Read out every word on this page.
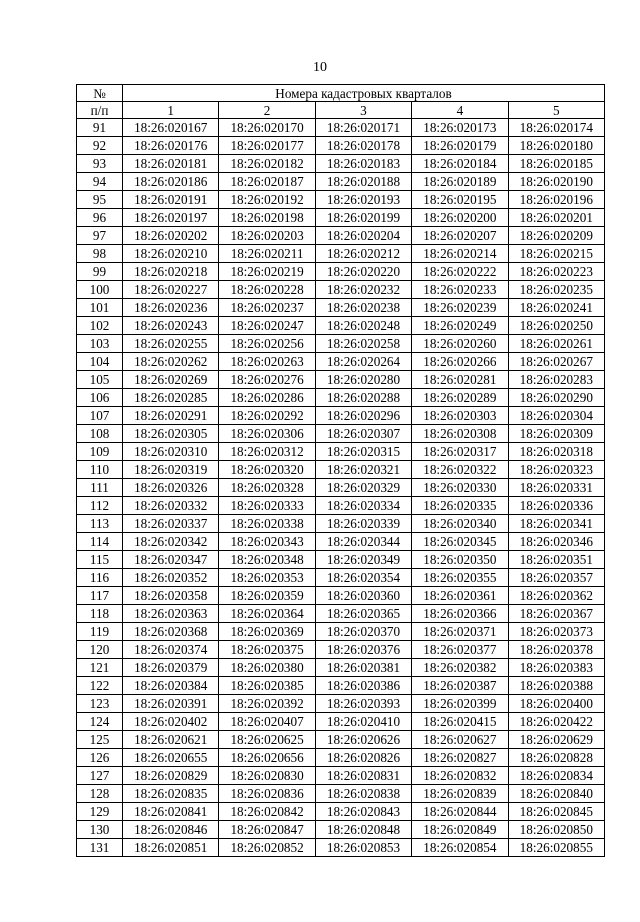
10
№	Номера кадастровых кварталов				
п/п	1	2	3	4	5
91	18:26:020167	18:26:020170	18:26:020171	18:26:020173	18:26:020174
92	18:26:020176	18:26:020177	18:26:020178	18:26:020179	18:26:020180
93	18:26:020181	18:26:020182	18:26:020183	18:26:020184	18:26:020185
94	18:26:020186	18:26:020187	18:26:020188	18:26:020189	18:26:020190
95	18:26:020191	18:26:020192	18:26:020193	18:26:020195	18:26:020196
96	18:26:020197	18:26:020198	18:26:020199	18:26:020200	18:26:020201
97	18:26:020202	18:26:020203	18:26:020204	18:26:020207	18:26:020209
98	18:26:020210	18:26:020211	18:26:020212	18:26:020214	18:26:020215
99	18:26:020218	18:26:020219	18:26:020220	18:26:020222	18:26:020223
100	18:26:020227	18:26:020228	18:26:020232	18:26:020233	18:26:020235
101	18:26:020236	18:26:020237	18:26:020238	18:26:020239	18:26:020241
102	18:26:020243	18:26:020247	18:26:020248	18:26:020249	18:26:020250
103	18:26:020255	18:26:020256	18:26:020258	18:26:020260	18:26:020261
104	18:26:020262	18:26:020263	18:26:020264	18:26:020266	18:26:020267
105	18:26:020269	18:26:020276	18:26:020280	18:26:020281	18:26:020283
106	18:26:020285	18:26:020286	18:26:020288	18:26:020289	18:26:020290
107	18:26:020291	18:26:020292	18:26:020296	18:26:020303	18:26:020304
108	18:26:020305	18:26:020306	18:26:020307	18:26:020308	18:26:020309
109	18:26:020310	18:26:020312	18:26:020315	18:26:020317	18:26:020318
110	18:26:020319	18:26:020320	18:26:020321	18:26:020322	18:26:020323
111	18:26:020326	18:26:020328	18:26:020329	18:26:020330	18:26:020331
112	18:26:020332	18:26:020333	18:26:020334	18:26:020335	18:26:020336
113	18:26:020337	18:26:020338	18:26:020339	18:26:020340	18:26:020341
114	18:26:020342	18:26:020343	18:26:020344	18:26:020345	18:26:020346
115	18:26:020347	18:26:020348	18:26:020349	18:26:020350	18:26:020351
116	18:26:020352	18:26:020353	18:26:020354	18:26:020355	18:26:020357
117	18:26:020358	18:26:020359	18:26:020360	18:26:020361	18:26:020362
118	18:26:020363	18:26:020364	18:26:020365	18:26:020366	18:26:020367
119	18:26:020368	18:26:020369	18:26:020370	18:26:020371	18:26:020373
120	18:26:020374	18:26:020375	18:26:020376	18:26:020377	18:26:020378
121	18:26:020379	18:26:020380	18:26:020381	18:26:020382	18:26:020383
122	18:26:020384	18:26:020385	18:26:020386	18:26:020387	18:26:020388
123	18:26:020391	18:26:020392	18:26:020393	18:26:020399	18:26:020400
124	18:26:020402	18:26:020407	18:26:020410	18:26:020415	18:26:020422
125	18:26:020621	18:26:020625	18:26:020626	18:26:020627	18:26:020629
126	18:26:020655	18:26:020656	18:26:020826	18:26:020827	18:26:020828
127	18:26:020829	18:26:020830	18:26:020831	18:26:020832	18:26:020834
128	18:26:020835	18:26:020836	18:26:020838	18:26:020839	18:26:020840
129	18:26:020841	18:26:020842	18:26:020843	18:26:020844	18:26:020845
130	18:26:020846	18:26:020847	18:26:020848	18:26:020849	18:26:020850
131	18:26:020851	18:26:020852	18:26:020853	18:26:020854	18:26:020855
